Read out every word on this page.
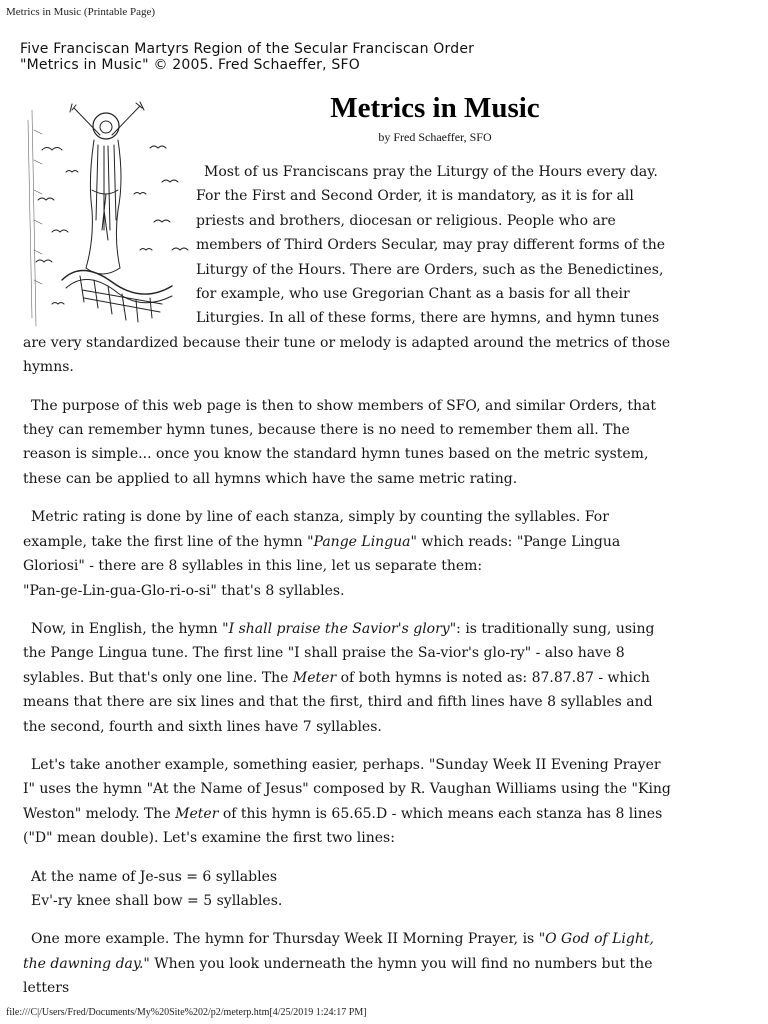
Metrics in Music (Printable Page)
Five Franciscan Martyrs Region of the Secular Franciscan Order
"Metrics in Music" © 2005. Fred Schaeffer, SFO
Metrics in Music
by Fred Schaeffer, SFO

Most of us Franciscans pray the Liturgy of the Hours every day. For the First and Second Order, it is mandatory, as it is for all priests and brothers, diocesan or religious. People who are members of Third Orders Secular, may pray different forms of the Liturgy of the Hours. There are Orders, such as the Benedictines, for example, who use Gregorian Chant as a basis for all their Liturgies. In all of these forms, there are hymns, and hymn tunes are very standardized because their tune or melody is adapted around the metrics of those hymns.

The purpose of this web page is then to show members of SFO, and similar Orders, that they can remember hymn tunes, because there is no need to remember them all. The reason is simple... once you know the standard hymn tunes based on the metric system, these can be applied to all hymns which have the same metric rating.

Metric rating is done by line of each stanza, simply by counting the syllables. For example, take the first line of the hymn "Pange Lingua" which reads: "Pange Lingua Gloriosi" - there are 8 syllables in this line, let us separate them:
"Pan-ge-Lin-gua-Glo-ri-o-si" that's 8 syllables.

Now, in English, the hymn "I shall praise the Savior's glory": is traditionally sung, using the Pange Lingua tune. The first line "I shall praise the Sa-vior's glo-ry" - also have 8 sylables. But that's only one line. The Meter of both hymns is noted as: 87.87.87 - which means that there are six lines and that the first, third and fifth lines have 8 syllables and the second, fourth and sixth lines have 7 syllables.

Let's take another example, something easier, perhaps. "Sunday Week II Evening Prayer I" uses the hymn "At the Name of Jesus" composed by R. Vaughan Williams using the "King Weston" melody. The Meter of this hymn is 65.65.D - which means each stanza has 8 lines ("D" mean double). Let's examine the first two lines:

At the name of Je-sus = 6 syllables
Ev'-ry knee shall bow = 5 syllables.

One more example. The hymn for Thursday Week II Morning Prayer, is "O God of Light, the dawning day." When you look underneath the hymn you will find no numbers but the letters

file:///C|/Users/Fred/Documents/My%20Site%202/p2/meterp.htm[4/25/2019 1:24:17 PM]
